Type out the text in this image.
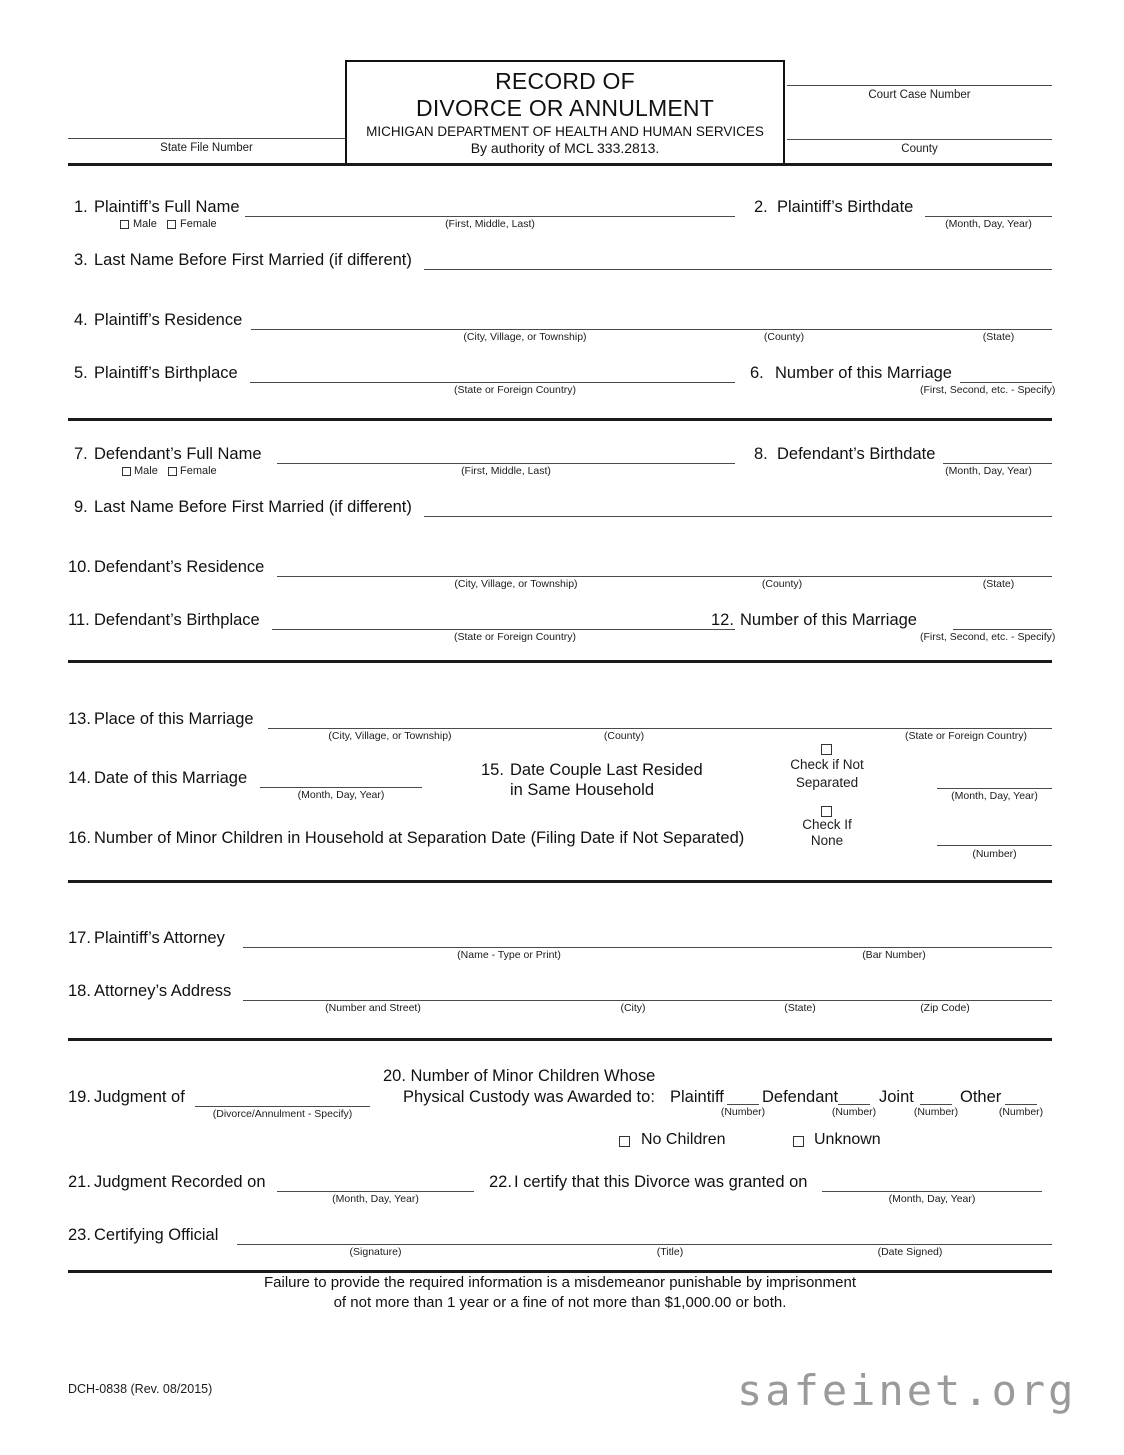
State File Number
Court Case Number
County
RECORD OF
DIVORCE OR ANNULMENT
MICHIGAN DEPARTMENT OF HEALTH AND HUMAN SERVICES
By authority of MCL 333.2813.
1. Plaintiff’s Full Name
(First, Middle, Last)
Male Female
2. Plaintiff’s Birthdate
(Month, Day, Year)
3. Last Name Before First Married (if different)
4. Plaintiff’s Residence
(City, Village, or Township)	(County)	(State)
5. Plaintiff’s Birthplace
(State or Foreign Country)
6. Number of this Marriage
(First, Second, etc. - Specify)
7. Defendant’s Full Name
(First, Middle, Last)
Male Female
8. Defendant’s Birthdate
(Month, Day, Year)
9. Last Name Before First Married (if different)
10. Defendant’s Residence
(City, Village, or Township)	(County)	(State)
11. Defendant’s Birthplace
(State or Foreign Country)
12. Number of this Marriage
(First, Second, etc. - Specify)
13. Place of this Marriage
(City, Village, or Township)	(County)	(State or Foreign Country)
14. Date of this Marriage
(Month, Day, Year)
15. Date Couple Last Resided
in Same Household
Check if Not
Separated
(Month, Day, Year)
Check If
None
16. Number of Minor Children in Household at Separation Date (Filing Date if Not Separated)
(Number)
17. Plaintiff’s Attorney
(Name - Type or Print)	(Bar Number)
18. Attorney’s Address
(Number and Street)	(City)	(State)	(Zip Code)
19. Judgment of
(Divorce/Annulment - Specify)
20. Number of Minor Children Whose
Physical Custody was Awarded to: Plaintiff
(Number)
Defendant
(Number)
Joint
(Number)
Other
(Number)
No Children	Unknown
21. Judgment Recorded on
(Month, Day, Year)
22. I certify that this Divorce was granted on
(Month, Day, Year)
23. Certifying Official
(Signature)	(Title)	(Date Signed)
Failure to provide the required information is a misdemeanor punishable by imprisonment
of not more than 1 year or a fine of not more than $1,000.00 or both.
DCH-0838 (Rev. 08/2015)	safeinet.org
